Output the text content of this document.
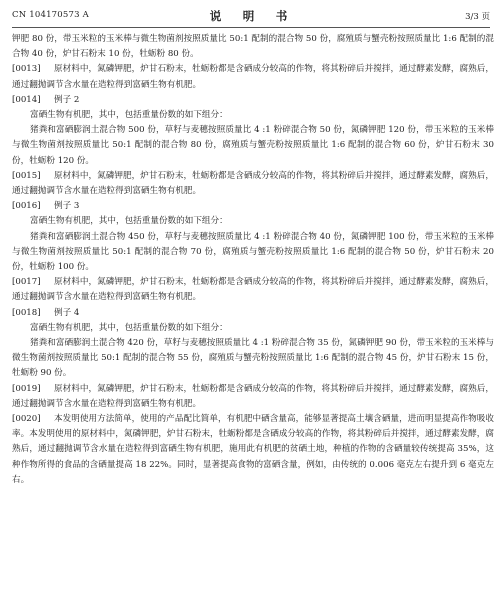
CN 104170573 A	说　明　书	3/3 页

钾肥 80 份，带玉米粒的玉米棒与微生物菌剂按照质量比 50:1 配制的混合物 50 份，腐殖质与蟹壳粉按照质量比 1:6 配制的混合物 40 份，炉甘石粉末 10 份，牡蛎粉 80 份。

[0013] 原材料中，氮磷钾肥，炉甘石粉末，牡蛎粉都是含硒成分较高的作物，将其粉碎后并搅拌，通过酵素发酵，腐熟后，通过翻抛调节含水量在造粒得到富硒生物有机肥。

[0014] 例子 2

富硒生物有机肥，其中，包括重量份数的如下组分：

猪粪和富硒膨润土混合物 500 份，草籽与麦穗按照质量比 4 :1 粉碎混合物 50 份，氮磷钾肥 120 份，带玉米粒的玉米棒与微生物菌剂按照质量比 50:1 配制的混合物 80 份，腐殖质与蟹壳粉按照质量比 1:6 配制的混合物 60 份，炉甘石粉末 30 份，牡蛎粉 120 份。

[0015] 原材料中，氮磷钾肥，炉甘石粉末，牡蛎粉都是含硒成分较高的作物，将其粉碎后并搅拌，通过酵素发酵，腐熟后，通过翻抛调节含水量在造粒得到富硒生物有机肥。

[0016] 例子 3

富硒生物有机肥，其中，包括重量份数的如下组分：

猪粪和富硒膨润土混合物 450 份，草籽与麦穗按照质量比 4 :1 粉碎混合物 40 份，氮磷钾肥 100 份，带玉米粒的玉米棒与微生物菌剂按照质量比 50:1 配制的混合物 70 份，腐殖质与蟹壳粉按照质量比 1:6 配制的混合物 50 份，炉甘石粉末 20 份，牡蛎粉 100 份。

[0017] 原材料中，氮磷钾肥，炉甘石粉末，牡蛎粉都是含硒成分较高的作物，将其粉碎后并搅拌，通过酵素发酵，腐熟后，通过翻抛调节含水量在造粒得到富硒生物有机肥。

[0018] 例子 4

富硒生物有机肥，其中，包括重量份数的如下组分：

猪粪和富硒膨润土混合物 420 份，草籽与麦穗按照质量比 4 :1 粉碎混合物 35 份，氮磷钾肥 90 份，带玉米粒的玉米棒与微生物菌剂按照质量比 50:1 配制的混合物 55 份，腐殖质与蟹壳粉按照质量比 1:6 配制的混合物 45 份，炉甘石粉末 15 份，牡蛎粉 90 份。

[0019] 原材料中，氮磷钾肥，炉甘石粉末，牡蛎粉都是含硒成分较高的作物，将其粉碎后并搅拌，通过酵素发酵，腐熟后，通过翻抛调节含水量在造粒得到富硒生物有机肥。

[0020] 本发明使用方法简单，使用的产品配比简单，有机肥中硒含量高，能够显著提高土壤含硒量，进而明显提高作物吸收率。本发明使用的原材料中，氮磷钾肥，炉甘石粉末，牡蛎粉都是含硒成分较高的作物，将其粉碎后并搅拌，通过酵素发酵，腐熟后，通过翻抛调节含水量在造粒得到富硒生物有机肥，施用此有机肥的贫硒土地，种植的作物的含硒量较传统提高 35%，这种作物所得的食品的含硒量提高 18 22%。同时，显著提高食物的富硒含量，例如，由传统的 0.006 毫克左右提升到 6 毫克左右。
